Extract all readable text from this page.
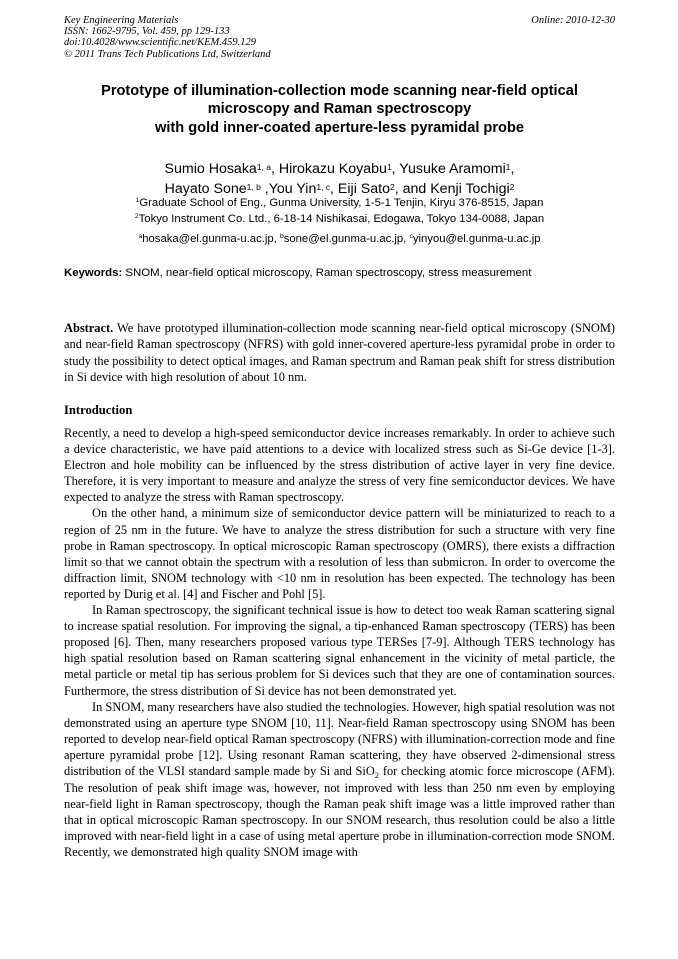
Key Engineering Materials
ISSN: 1662-9795, Vol. 459, pp 129-133
doi:10.4028/www.scientific.net/KEM.459.129
© 2011 Trans Tech Publications Ltd, Switzerland
Online: 2010-12-30
Prototype of illumination-collection mode scanning near-field optical
microscopy and Raman spectroscopy
with gold inner-coated aperture-less pyramidal probe
Sumio Hosaka$^{1, a}$, Hirokazu Koyabu$^1$, Yusuke Aramomi$^1$,
Hayato Sone$^{1, b}$ ,You Yin$^{1, c}$, Eiji Sato$^2$, and Kenji Tochigi$^2$
$^1$Graduate School of Eng., Gunma University, 1-5-1 Tenjin, Kiryu 376-8515, Japan
$^2$Tokyo Instrument Co. Ltd., 6-18-14 Nishikasai, Edogawa, Tokyo 134-0088, Japan
$^a$hosaka@el.gunma-u.ac.jp, $^b$sone@el.gunma-u.ac.jp, $^c$yinyou@el.gunma-u.ac.jp
Keywords: SNOM, near-field optical microscopy, Raman spectroscopy, stress measurement
Abstract. We have prototyped illumination-collection mode scanning near-field optical microscopy (SNOM) and near-field Raman spectroscopy (NFRS) with gold inner-covered aperture-less pyramidal probe in order to study the possibility to detect optical images, and Raman spectrum and Raman peak shift for stress distribution in Si device with high resolution of about 10 nm.
Introduction

Recently, a need to develop a high-speed semiconductor device increases remarkably. In order to achieve such a device characteristic, we have paid attentions to a device with localized stress such as Si-Ge device [1-3]. Electron and hole mobility can be influenced by the stress distribution of active layer in very fine device. Therefore, it is very important to measure and analyze the stress of very fine semiconductor devices. We have expected to analyze the stress with Raman spectroscopy.

On the other hand, a minimum size of semiconductor device pattern will be miniaturized to reach to a region of 25 nm in the future. We have to analyze the stress distribution for such a structure with very fine probe in Raman spectroscopy. In optical microscopic Raman spectroscopy (OMRS), there exists a diffraction limit so that we cannot obtain the spectrum with a resolution of less than submicron. In order to overcome the diffraction limit, SNOM technology with <10 nm in resolution has been expected. The technology has been reported by Durig et al. [4] and Fischer and Pohl [5].

In Raman spectroscopy, the significant technical issue is how to detect too weak Raman scattering signal to increase spatial resolution. For improving the signal, a tip-enhanced Raman spectroscopy (TERS) has been proposed [6]. Then, many researchers proposed various type TERSes [7-9]. Although TERS technology has high spatial resolution based on Raman scattering signal enhancement in the vicinity of metal particle, the metal particle or metal tip has serious problem for Si devices such that they are one of contamination sources. Furthermore, the stress distribution of Si device has not been demonstrated yet.

In SNOM, many researchers have also studied the technologies. However, high spatial resolution was not demonstrated using an aperture type SNOM [10, 11]. Near-field Raman spectroscopy using SNOM has been reported to develop near-field optical Raman spectroscopy (NFRS) with illumination-correction mode and fine aperture pyramidal probe [12]. Using resonant Raman scattering, they have observed 2-dimensional stress distribution of the VLSI standard sample made by Si and SiO$_2$ for checking atomic force microscope (AFM). The resolution of peak shift image was, however, not improved with less than 250 nm even by employing near-field light in Raman spectroscopy, though the Raman peak shift image was a little improved rather than that in optical microscopic Raman spectroscopy. In our SNOM research, thus resolution could be also a little improved with near-field light in a case of using metal aperture probe in illumination-correction mode SNOM. Recently, we demonstrated high quality SNOM image with
